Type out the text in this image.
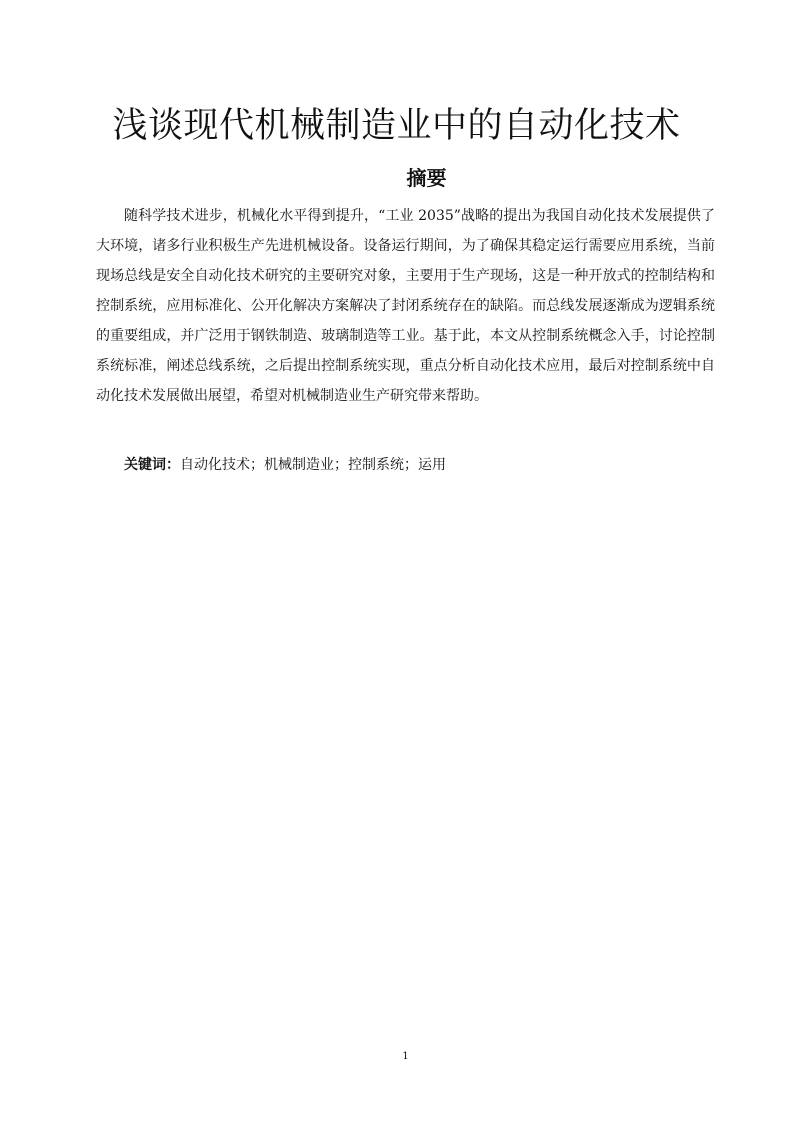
浅谈现代机械制造业中的自动化技术
摘要
随科学技术进步，机械化水平得到提升，“工业 2035”战略的提出为我国自动化技术发展提供了大环境，诸多行业积极生产先进机械设备。设备运行期间，为了确保其稳定运行需要应用系统，当前现场总线是安全自动化技术研究的主要研究对象，主要用于生产现场，这是一种开放式的控制结构和控制系统，应用标准化、公开化解决方案解决了封闭系统存在的缺陷。而总线发展逐渐成为逻辑系统的重要组成，并广泛用于钢铁制造、玻璃制造等工业。基于此，本文从控制系统概念入手，讨论控制系统标准，阐述总线系统，之后提出控制系统实现，重点分析自动化技术应用，最后对控制系统中自动化技术发展做出展望，希望对机械制造业生产研究带来帮助。
关键词：自动化技术；机械制造业；控制系统；运用
1
